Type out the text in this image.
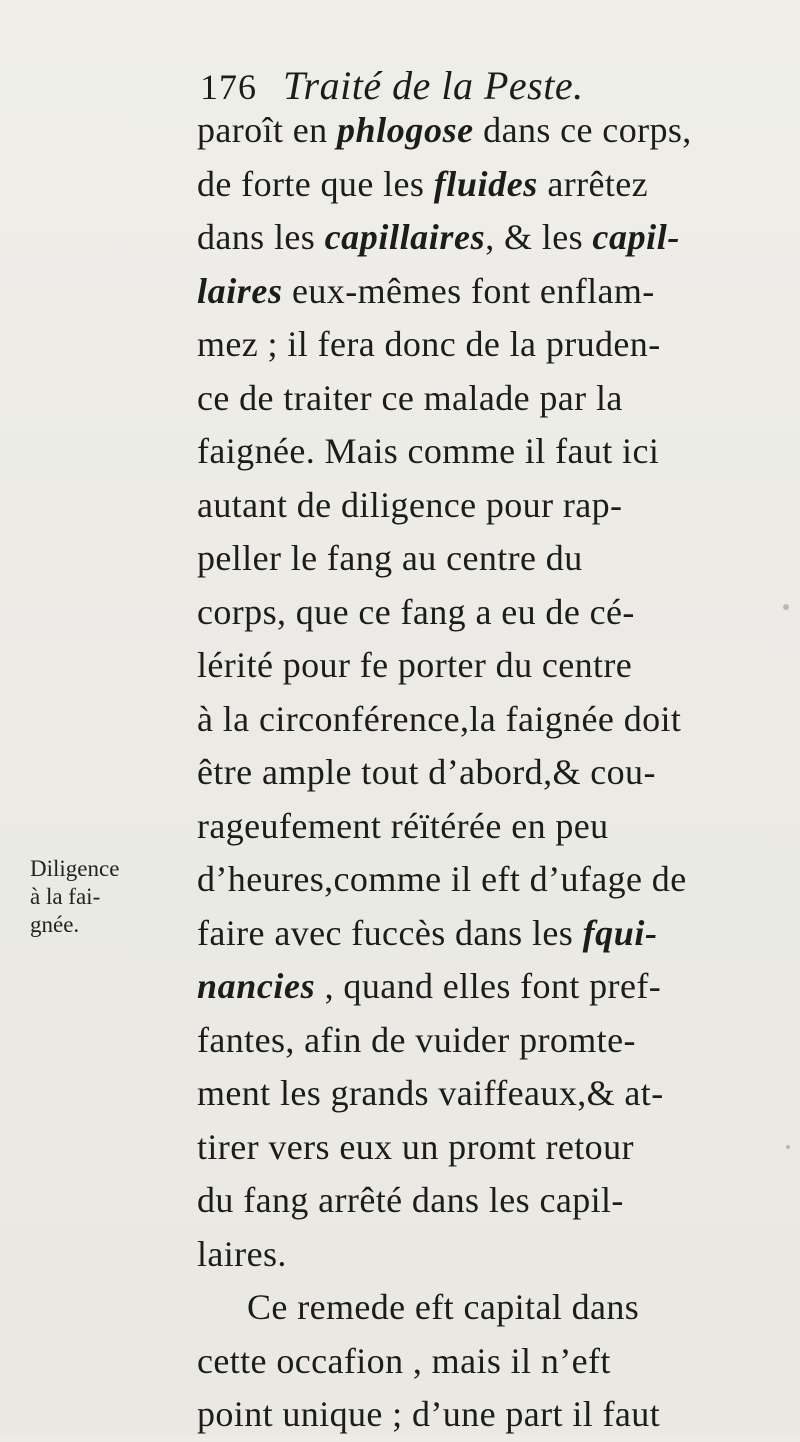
176 Traité de la Peste.
paroît en phlogose dans ce corps,
de forte que les fluides arrêtez
dans les capillaires, & les capil-
laires eux-mêmes font enflam-
mez ; il fera donc de la pruden-
ce de traiter ce malade par la
faignée. Mais comme il faut ici
autant de diligence pour rap-
peller le fang au centre du
corps, que ce fang a eu de cé-
lérité pour fe porter du centre
à la circonférence,la faignée doit
être ample tout d’abord,& cou-
rageufement réïtérée en peu
d’heures,comme il eft d’ufage de
faire avec fuccès dans les fqui-
nancies , quand elles font pref-
fantes, afin de vuider promte-
ment les grands vaiffeaux,& at-
tirer vers eux un promt retour
du fang arrêté dans les capil-
laires.
Ce remede eft capital dans
cette occafion , mais il n’eft
point unique ; d’une part il faut
Diligence
à la fai-
gnée.
